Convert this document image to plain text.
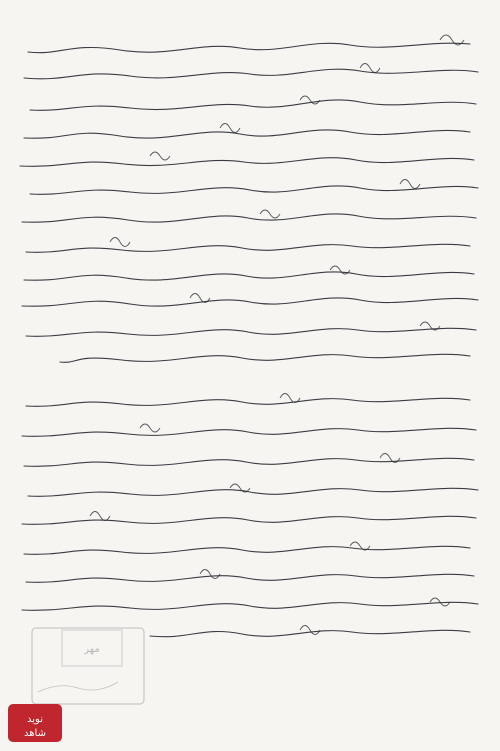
مهر
نوید
شاهد
